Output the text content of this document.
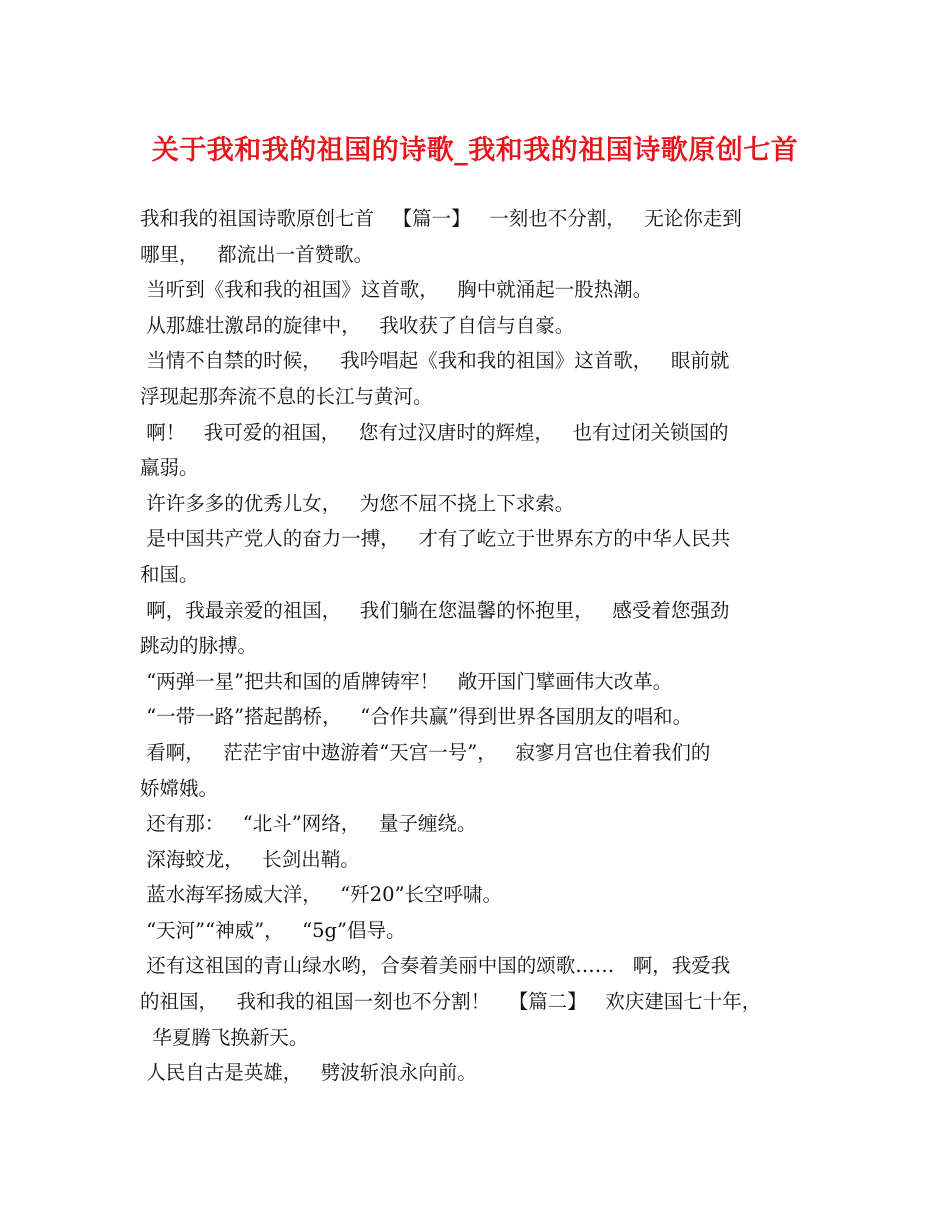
关于我和我的祖国的诗歌_我和我的祖国诗歌原创七首
我和我的祖国诗歌原创七首   【篇一】   一刻也不分割，   无论你走到
哪里，   都流出一首赞歌。
当听到《我和我的祖国》这首歌，   胸中就涌起一股热潮。
从那雄壮激昂的旋律中，   我收获了自信与自豪。
当情不自禁的时候，   我吟唱起《我和我的祖国》这首歌，   眼前就
浮现起那奔流不息的长江与黄河。
啊！   我可爱的祖国，   您有过汉唐时的辉煌，   也有过闭关锁国的
羸弱。
许许多多的优秀儿女，   为您不屈不挠上下求索。
是中国共产党人的奋力一搏，   才有了屹立于世界东方的中华人民共
和国。
啊，我最亲爱的祖国，   我们躺在您温馨的怀抱里，   感受着您强劲
跳动的脉搏。
“两弹一星”把共和国的盾牌铸牢！   敞开国门擘画伟大改革。
“一带一路”搭起鹊桥，   “合作共赢”得到世界各国朋友的唱和。
看啊，   茫茫宇宙中遨游着“天宫一号”，   寂寥月宫也住着我们的
娇嫦娥。
还有那：   “北斗”网络，   量子缠绕。
深海蛟龙，   长剑出鞘。
蓝水海军扬威大洋，   “歼20”长空呼啸。
“天河”“神威”，   “5g”倡导。
还有这祖国的青山绿水哟，合奏着美丽中国的颂歌……   啊，我爱我
的祖国，   我和我的祖国一刻也不分割！   【篇二】   欢庆建国七十年，
华夏腾飞换新天。
人民自古是英雄，   劈波斩浪永向前。
